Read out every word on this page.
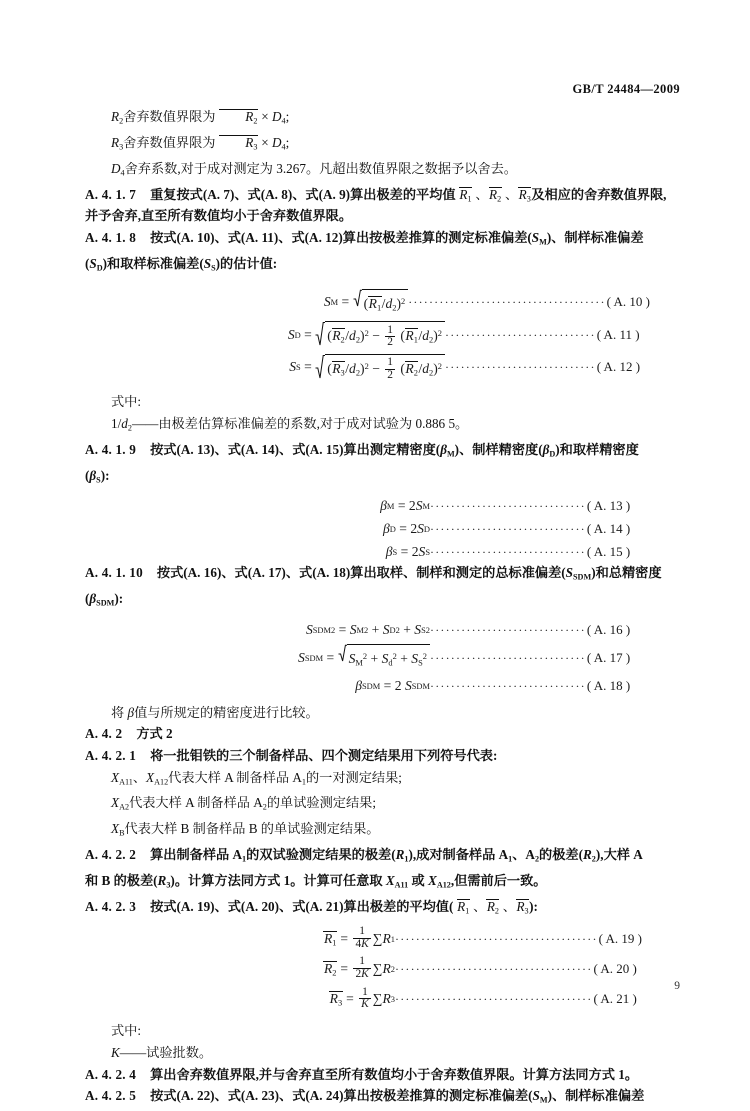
GB/T 24484—2009

$R_2$舍弃数值界限为 $R_2 \times D_4$;

$R_3$舍弃数值界限为 $R_3 \times D_4$;

$D_4$舍弃系数,对于成对测定为 3.267。凡超出数值界限之数据予以舍去。

A. 4. 1. 7 重复按式(A. 7)、式(A. 8)、式(A. 9)算出极差的平均值 $R_1$ 、$R_2$ 、$R_3$及相应的舍弃数值界限,

并予舍弃,直至所有数值均小于舍弃数值界限。

A. 4. 1. 8 按式(A. 10)、式(A. 11)、式(A. 12)算出按极差推算的测定标准偏差$(S_M)$、制样标准偏差

$(S_D)$和取样标准偏差$(S_S)$的估计值:

S M
=
$(R_1/d_2)^2$ ······································ ( A. 10 )
S D
=
$(R_2/d_2)^2 - \frac{1}{2} (R_1/d_2)^2$ ····························· ( A. 11 )
S S
=
$(R_3/d_2)^2 - \frac{1}{2} (R_2/d_2)^2$ ····························· ( A. 12 )

式中:

$1/d_2——$由极差估算标准偏差的系数,对于成对试验为 0.886 5。

A. 4. 1. 9 按式(A. 13)、式(A. 14)、式(A. 15)算出测定精密度$(\beta_M)$、制样精密度$(\beta_D)$和取样精密度

$(\beta_S)$:

β M
=
2 S M ······························ ( A. 13 )
β D
=
2 S D ······························ ( A. 14 )
β S
=
2 S S ······························ ( A. 15 )

A. 4. 1. 10 按式(A. 16)、式(A. 17)、式(A. 18)算出取样、制样和测定的总标准偏差$(S_{SDM})$和总精密度

$(\beta_{SDM})$:

S SDM 2
=
S M 2
+
S D 2
+
S S 2 ······························ ( A. 16 )
S SDM
=
$S_M^2 + S_d^2 + S_S^2$ ······························ ( A. 17 )
β SDM
=
2
S SDM ······························ ( A. 18 )

将 β值与所规定的精密度进行比较。

A. 4. 2 方式 2

A. 4. 2. 1 将一批钼铁的三个制备样品、四个测定结果用下列符号代表:

$X_{A11}$、$X_{A12}$代表大样 A 制备样品 $A_1$的一对测定结果;

$X_{A2}$代表大样 A 制备样品 $A_2$的单试验测定结果;

$X_B$代表大样 B 制备样品 B 的单试验测定结果。

A. 4. 2. 2 算出制备样品 $A_1$的双试验测定结果的极差$(R_1)$,成对制备样品 $A_1$、$A_2$的极差$(R_2)$,大样 A

和 B 的极差$(R_3)$。计算方法同方式 1。计算可任意取 $X_{A11}$ 或 $X_{A12}$,但需前后一致。

A. 4. 2. 3 按式(A. 19)、式(A. 20)、式(A. 21)算出极差的平均值( $R_1$ 、$R_2$ 、$R_3$):

$R_1$
=
$\frac{1}{4K}$ ∑ R 1 ······································· ( A. 19 )
$R_2$
=
$\frac{1}{2K}$ ∑ R 2 ······································ ( A. 20 )
$R_3$
=
$\frac{1}{K}$ ∑ R 3 ······································ ( A. 21 )

式中:

K——试验批数。

A. 4. 2. 4 算出舍弃数值界限,并与舍弃直至所有数值均小于舍弃数值界限。计算方法同方式 1。

A. 4. 2. 5 按式(A. 22)、式(A. 23)、式(A. 24)算出按极差推算的测定标准偏差$(S_M)$、制样标准偏差

9
